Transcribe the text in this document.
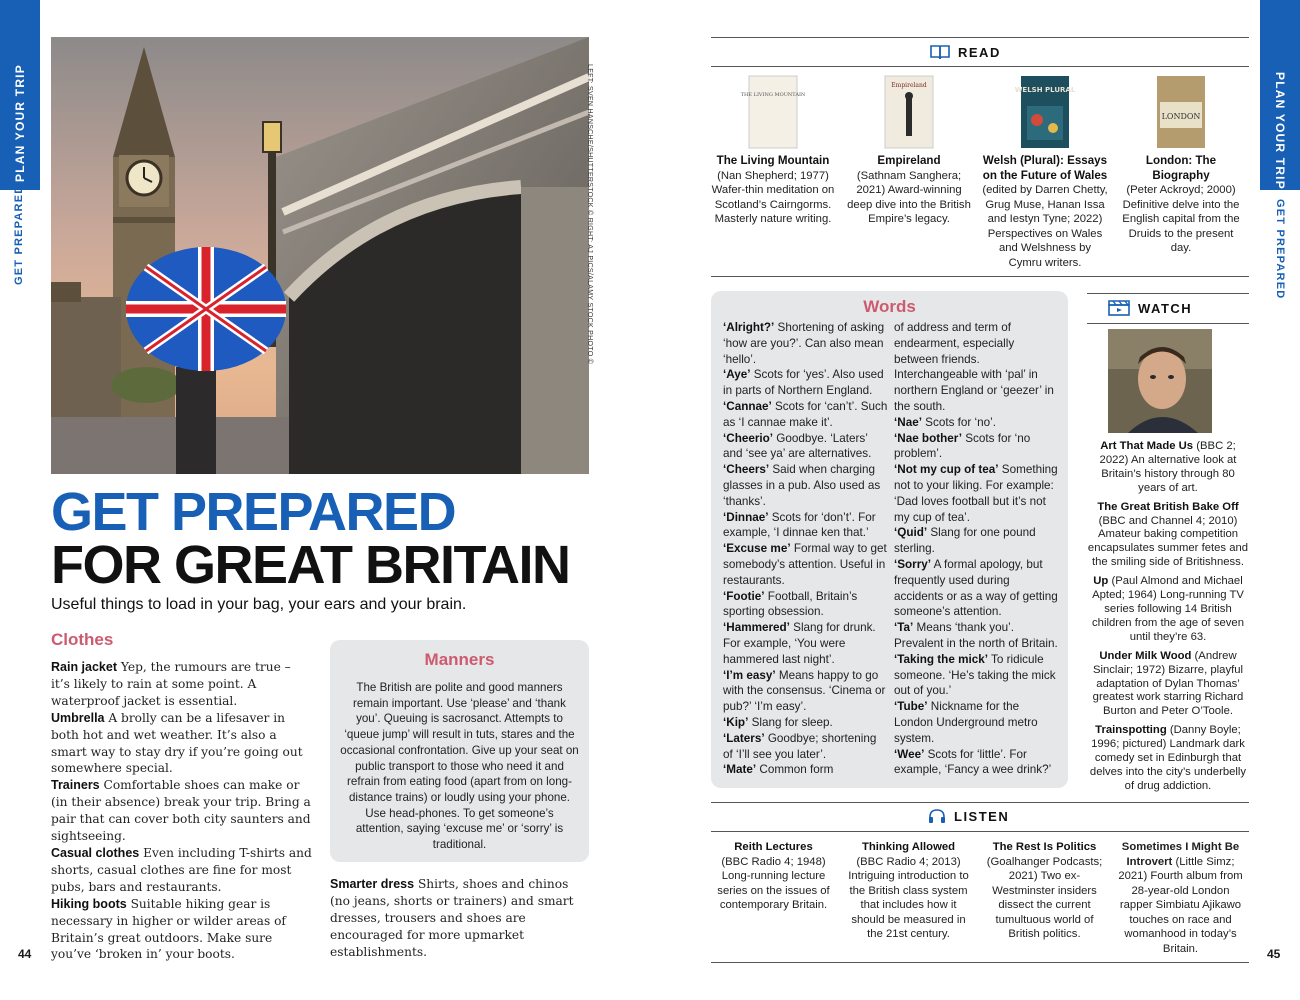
PLAN YOUR TRIP
GET PREPARED
PLAN YOUR TRIP
GET PREPARED
44	45
LEFT: SVEN HANSCHE/SHUTTERSTOCK © RIGHT: AJ PICS/ALAMY STOCK PHOTO ©
GET PREPARED
FOR GREAT BRITAIN
Useful things to load in your bag, your ears and your brain.
Clothes
Rain jacket Yep, the rumours are true – it’s likely to rain at some point. A waterproof jacket is essential.
Umbrella A brolly can be a lifesaver in both hot and wet weather. It’s also a smart way to stay dry if you’re going out somewhere special.
Trainers Comfortable shoes can make or (in their absence) break your trip. Bring a pair that can cover both city saunters and sightseeing.
Casual clothes Even including T-shirts and shorts, casual clothes are fine for most pubs, bars and restaurants.
Hiking boots Suitable hiking gear is necessary in higher or wilder areas of Britain’s great outdoors. Make sure you’ve ‘broken in’ your boots.
Manners

The British are polite and good manners remain important. Use ‘please’ and ‘thank you’. Queuing is sacrosanct. Attempts to ‘queue jump’ will result in tuts, stares and the occasional confrontation. Give up your seat on public transport to those who need it and refrain from eating food (apart from on long-distance trains) or loudly using your phone. Use head-phones. To get someone’s attention, saying ‘excuse me’ or ‘sorry’ is traditional.

Smarter dress Shirts, shoes and chinos (no jeans, shorts or trainers) and smart dresses, trousers and shoes are encouraged for more upmarket establishments.
READ
THE LIVING MOUNTAIN
The Living Mountain
(Nan Shepherd; 1977) Wafer-thin meditation on Scotland’s Cairngorms. Masterly nature writing.
Empireland
Empireland
(Sathnam Sanghera; 2021) Award-winning deep dive into the British Empire’s legacy.
WELSH PLURAL
Welsh (Plural): Essays on the Future of Wales
(edited by Darren Chetty, Grug Muse, Hanan Issa and Iestyn Tyne; 2022) Perspectives on Wales and Welshness by Cymru writers.
LONDON
London: The Biography
(Peter Ackroyd; 2000) Definitive delve into the English capital from the Druids to the present day.
Words
‘Alright?’ Shortening of asking ‘how are you?’. Can also mean ‘hello’.
‘Aye’ Scots for ‘yes’. Also used in parts of Northern England.
‘Cannae’ Scots for ‘can’t’. Such as ‘I cannae make it’.
‘Cheerio’ Goodbye. ‘Laters’ and ‘see ya’ are alternatives.
‘Cheers’ Said when charging glasses in a pub. Also used as ‘thanks’.
‘Dinnae’ Scots for ‘don’t’. For example, ‘I dinnae ken that.’
‘Excuse me’ Formal way to get somebody’s attention. Useful in restaurants.
‘Footie’ Football, Britain’s sporting obsession.
‘Hammered’ Slang for drunk. For example, ‘You were hammered last night’.
‘I’m easy’ Means happy to go with the consensus. ‘Cinema or pub?’ ‘I’m easy’.
‘Kip’ Slang for sleep.
‘Laters’ Goodbye; shortening of ‘I’ll see you later’.
‘Mate’ Common form
of address and term of endearment, especially between friends. Interchangeable with ‘pal’ in northern England or ‘geezer’ in the south.
‘Nae’ Scots for ‘no’.
‘Nae bother’ Scots for ‘no problem’.
‘Not my cup of tea’ Something not to your liking. For example: ‘Dad loves football but it’s not my cup of tea’.
‘Quid’ Slang for one pound sterling.
‘Sorry’ A formal apology, but frequently used during accidents or as a way of getting someone’s attention.
‘Ta’ Means ‘thank you’. Prevalent in the north of Britain.
‘Taking the mick’ To ridicule someone. ‘He’s taking the mick out of you.’
‘Tube’ Nickname for the London Underground metro system.
‘Wee’ Scots for ‘little’. For example, ‘Fancy a wee drink?’
WATCH

Art That Made Us (BBC 2; 2022) An alternative look at Britain’s history through 80 years of art.

The Great British Bake Off (BBC and Channel 4; 2010) Amateur baking competition encapsulates summer fetes and the smiling side of Britishness.

Up (Paul Almond and Michael Apted; 1964) Long-running TV series following 14 British children from the age of seven until they’re 63.

Under Milk Wood (Andrew Sinclair; 1972) Bizarre, playful adaptation of Dylan Thomas’ greatest work starring Richard Burton and Peter O’Toole.

Trainspotting (Danny Boyle; 1996; pictured) Landmark dark comedy set in Edinburgh that delves into the city’s underbelly of drug addiction.

LISTEN
Reith Lectures
(BBC Radio 4; 1948) Long-running lecture series on the issues of contemporary Britain.
Thinking Allowed
(BBC Radio 4; 2013) Intriguing introduction to the British class system that includes how it should be measured in the 21st century.
The Rest Is Politics
(Goalhanger Podcasts; 2021) Two ex-Westminster insiders dissect the current tumultuous world of British politics.
Sometimes I Might Be Introvert (Little Simz; 2021) Fourth album from 28-year-old London rapper Simbiatu Ajikawo touches on race and womanhood in today’s Britain.
